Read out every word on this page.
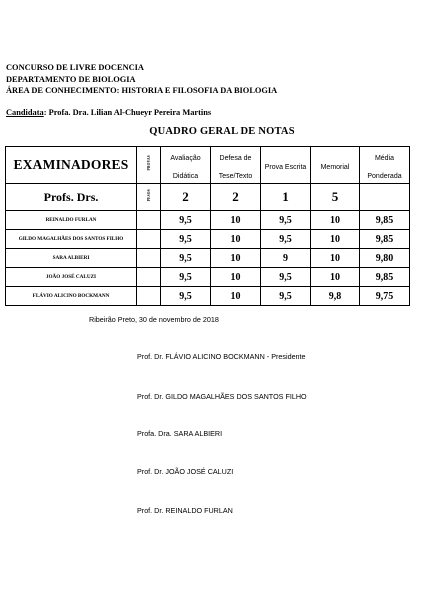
CONCURSO DE LIVRE DOCENCIA
DEPARTAMENTO DE BIOLOGIA
ÁREA DE CONHECIMENTO: HISTORIA E FILOSOFIA DA BIOLOGIA
Candidata: Profa. Dra. Lilian Al-Chueyr Pereira Martins
QUADRO GERAL DE NOTAS
EXAMINADORES	PROVAS	Avaliação Didática	Defesa de Tese/Texto	Prova Escrita	Memorial	Média Ponderada
Profs. Drs.	PESOS	2	2	1	5	
REINALDO FURLAN		9,5	10	9,5	10	9,85
GILDO MAGALHÃES DOS SANTOS FILHO		9,5	10	9,5	10	9,85
SARA ALBIERI		9,5	10	9	10	9,80
JOÃO JOSÉ CALUZI		9,5	10	9,5	10	9,85
FLÁVIO ALICINO BOCKMANN		9,5	10	9,5	9,8	9,75
Ribeirão Preto, 30 de novembro de 2018
Prof. Dr. FLÁVIO ALICINO BOCKMANN - Presidente
Prof. Dr. GILDO MAGALHÃES DOS SANTOS FILHO
Profa. Dra. SARA ALBIERI
Prof. Dr. JOÃO JOSÉ CALUZI
Prof. Dr. REINALDO FURLAN
